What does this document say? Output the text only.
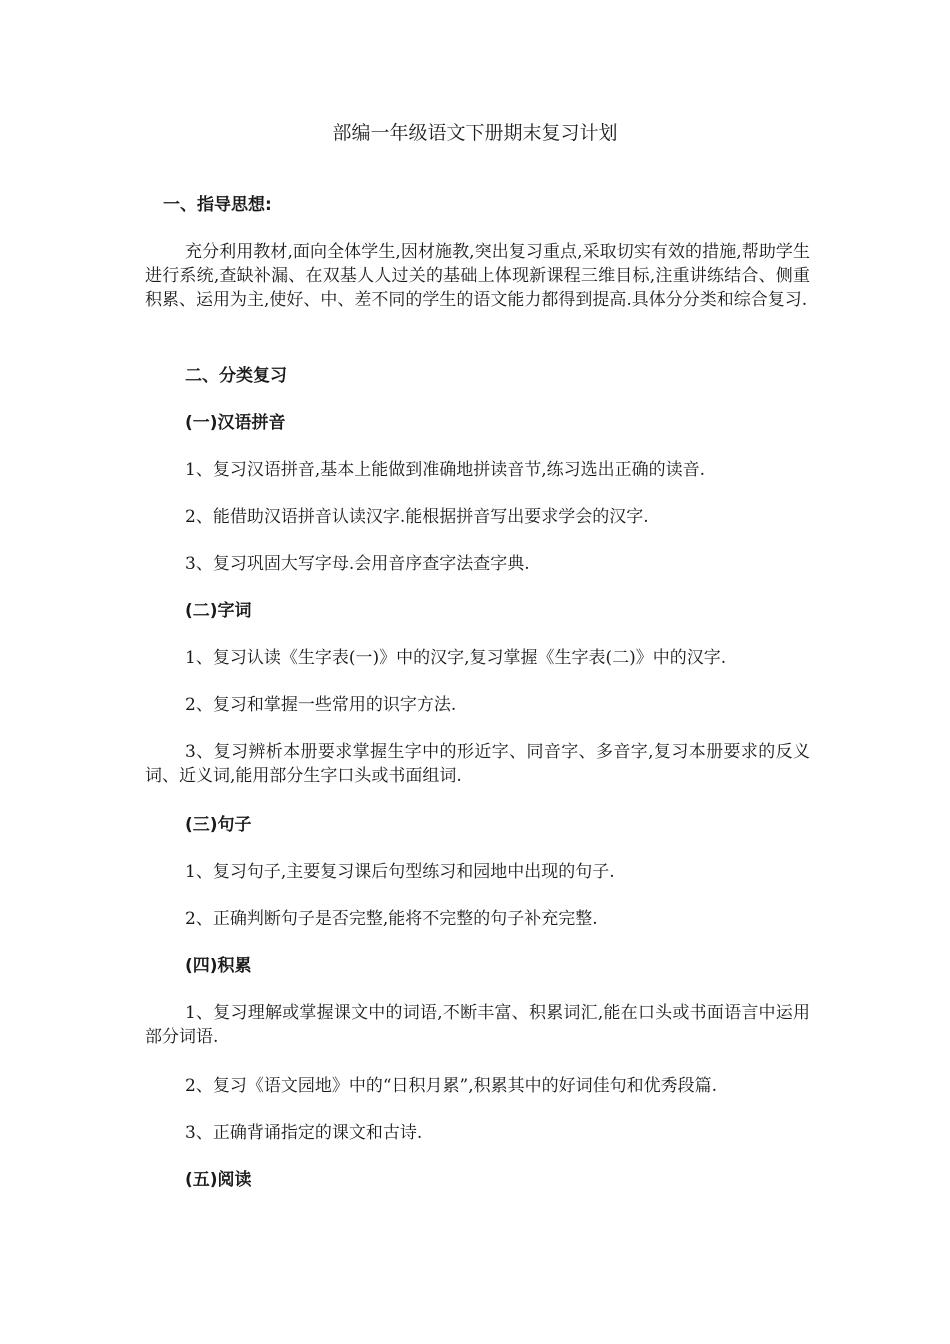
部编一年级语文下册期末复习计划

一、指导思想:

充分利用教材,面向全体学生,因材施教,突出复习重点,采取切实有效的措施,帮助学生进行系统,查缺补漏、在双基人人过关的基础上体现新课程三维目标,注重讲练结合、侧重积累、运用为主,使好、中、差不同的学生的语文能力都得到提高.具体分分类和综合复习.

二、分类复习

(一)汉语拼音

1、复习汉语拼音,基本上能做到准确地拼读音节,练习选出正确的读音.

2、能借助汉语拼音认读汉字.能根据拼音写出要求学会的汉字.

3、复习巩固大写字母.会用音序查字法查字典.

(二)字词

1、复习认读《生字表(一)》中的汉字,复习掌握《生字表(二)》中的汉字.

2、复习和掌握一些常用的识字方法.

3、复习辨析本册要求掌握生字中的形近字、同音字、多音字,复习本册要求的反义词、近义词,能用部分生字口头或书面组词.

(三)句子

1、复习句子,主要复习课后句型练习和园地中出现的句子.

2、正确判断句子是否完整,能将不完整的句子补充完整.

(四)积累

1、复习理解或掌握课文中的词语,不断丰富、积累词汇,能在口头或书面语言中运用部分词语.

2、复习《语文园地》中的“日积月累”,积累其中的好词佳句和优秀段篇.

3、正确背诵指定的课文和古诗.

(五)阅读
